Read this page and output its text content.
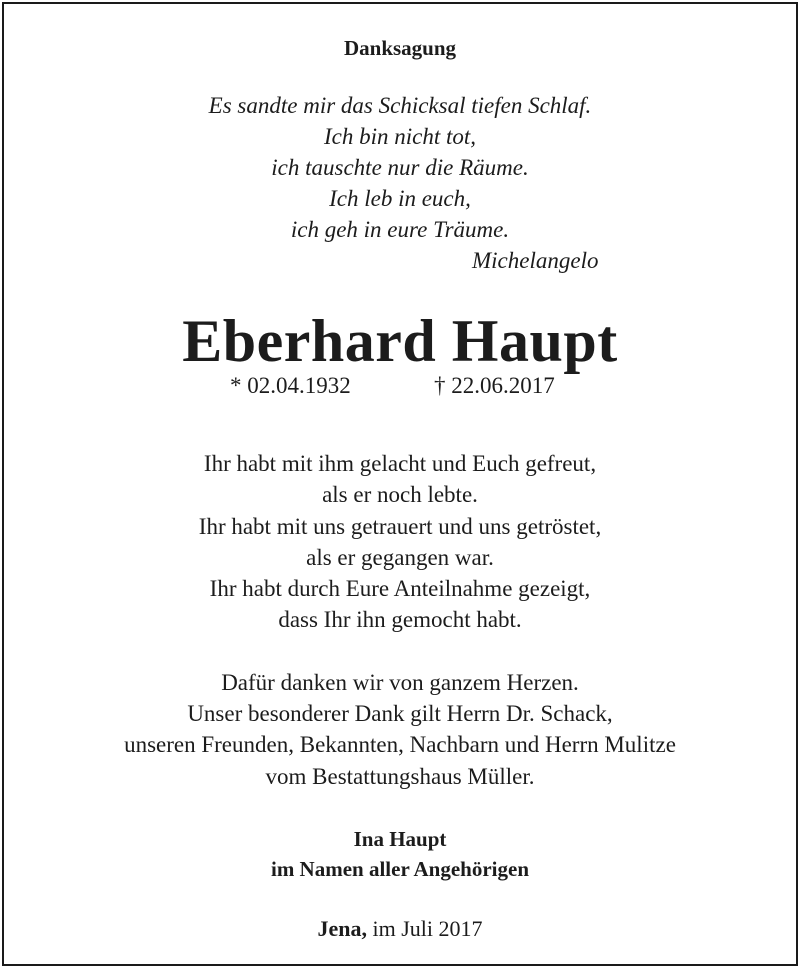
Danksagung
Es sandte mir das Schicksal tiefen Schlaf.
Ich bin nicht tot,
ich tauschte nur die Räume.
Ich leb in euch,
ich geh in eure Träume.
Michelangelo
Eberhard Haupt
* 02.04.1932	† 22.06.2017
Ihr habt mit ihm gelacht und Euch gefreut,
als er noch lebte.
Ihr habt mit uns getrauert und uns getröstet,
als er gegangen war.
Ihr habt durch Eure Anteilnahme gezeigt,
dass Ihr ihn gemocht habt.
Dafür danken wir von ganzem Herzen.
Unser besonderer Dank gilt Herrn Dr. Schack,
unseren Freunden, Bekannten, Nachbarn und Herrn Mulitze
vom Bestattungshaus Müller.
Ina Haupt
im Namen aller Angehörigen
Jena, im Juli 2017
